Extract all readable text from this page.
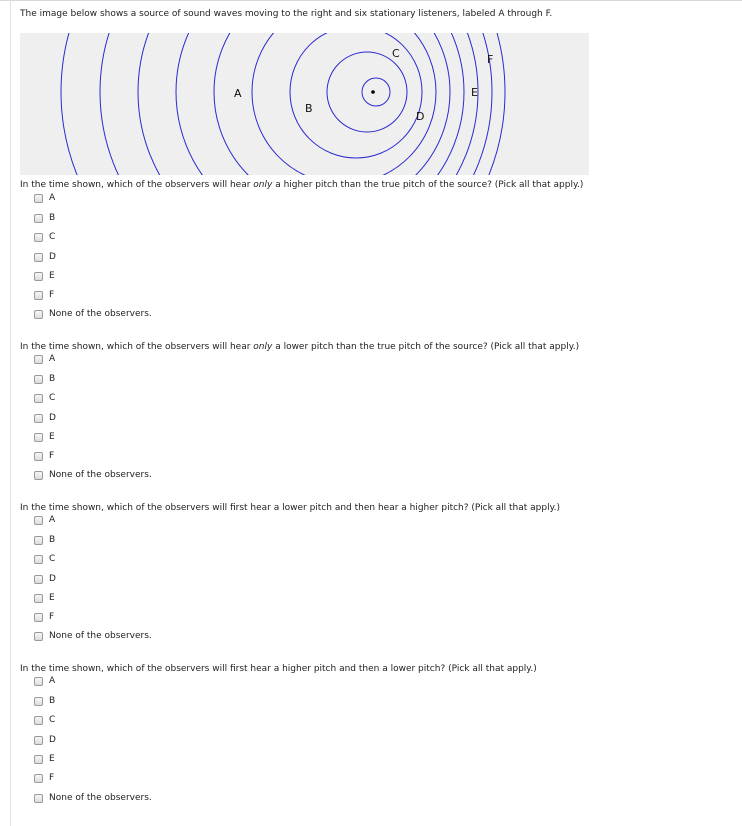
The image below shows a source of sound waves moving to the right and six stationary listeners, labeled A through F.
A
B
C
D
E
F
In the time shown, which of the observers will hear only a higher pitch than the true pitch of the source? (Pick all that apply.)
A
B
C
D
E
F
None of the observers.
In the time shown, which of the observers will hear only a lower pitch than the true pitch of the source? (Pick all that apply.)
A
B
C
D
E
F
None of the observers.
In the time shown, which of the observers will first hear a lower pitch and then hear a higher pitch? (Pick all that apply.)
A
B
C
D
E
F
None of the observers.
In the time shown, which of the observers will first hear a higher pitch and then a lower pitch? (Pick all that apply.)
A
B
C
D
E
F
None of the observers.
